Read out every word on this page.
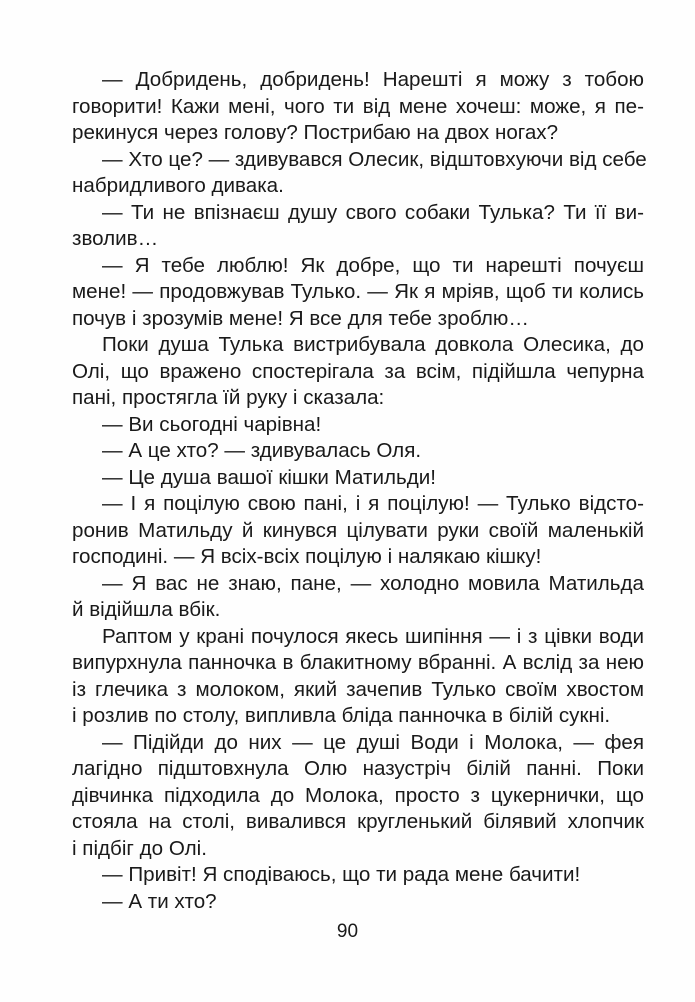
— Добридень, добридень! Нарешті я можу з тобою
говорити! Кажи мені, чого ти від мене хочеш: може, я пе-
рекинуся через голову? Пострибаю на двох ногах?
— Хто це? — здивувався Олесик, відштовхуючи від себе
набридливого дивака.
— Ти не впізнаєш душу свого собаки Тулька? Ти її ви-
зволив…
— Я тебе люблю! Як добре, що ти нарешті почуєш
мене! — продовжував Тулько. — Як я мріяв, щоб ти колись
почув і зрозумів мене! Я все для тебе зроблю…
Поки душа Тулька вистрибувала довкола Олесика, до
Олі, що вражено спостерігала за всім, підійшла чепурна
пані, простягла їй руку і сказала:
— Ви сьогодні чарівна!
— А це хто? — здивувалась Оля.
— Це душа вашої кішки Матильди!
— І я поцілую свою пані, і я поцілую! — Тулько відсто-
ронив Матильду й кинувся цілувати руки своїй маленькій
господині. — Я всіх-всіх поцілую і налякаю кішку!
— Я вас не знаю, пане, — холодно мовила Матильда
й відійшла вбік.
Раптом у крані почулося якесь шипіння — і з цівки води
випурхнула панночка в блакитному вбранні. А вслід за нею
із глечика з молоком, який зачепив Тулько своїм хвостом
і розлив по столу, випливла бліда панночка в білій сукні.
— Підійди до них — це душі Води і Молока, — фея
лагідно підштовхнула Олю назустріч білій панні. Поки
дівчинка підходила до Молока, просто з цукернички, що
стояла на столі, вивалився кругленький білявий хлопчик
і підбіг до Олі.
— Привіт! Я сподіваюсь, що ти рада мене бачити!
— А ти хто?
90
